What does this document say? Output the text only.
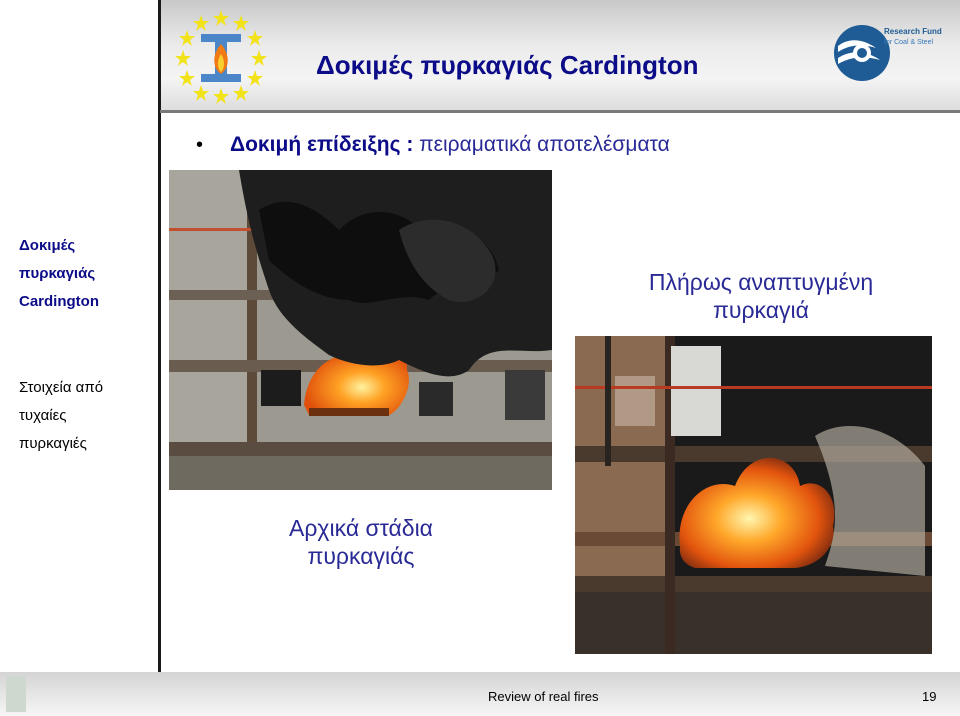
Research Fund
for Coal & Steel
Δοκιμές πυρκαγιάς Cardington
• Δοκιμή επίδειξης : πειραματικά αποτελέσματα
Δοκιμές
πυρκαγιάς
Cardington
Στοιχεία από
τυχαίες
πυρκαγιές
Πλήρως αναπτυγμένη
πυρκαγιά
Αρχικά στάδια
πυρκαγιάς
Review of real fires	19
